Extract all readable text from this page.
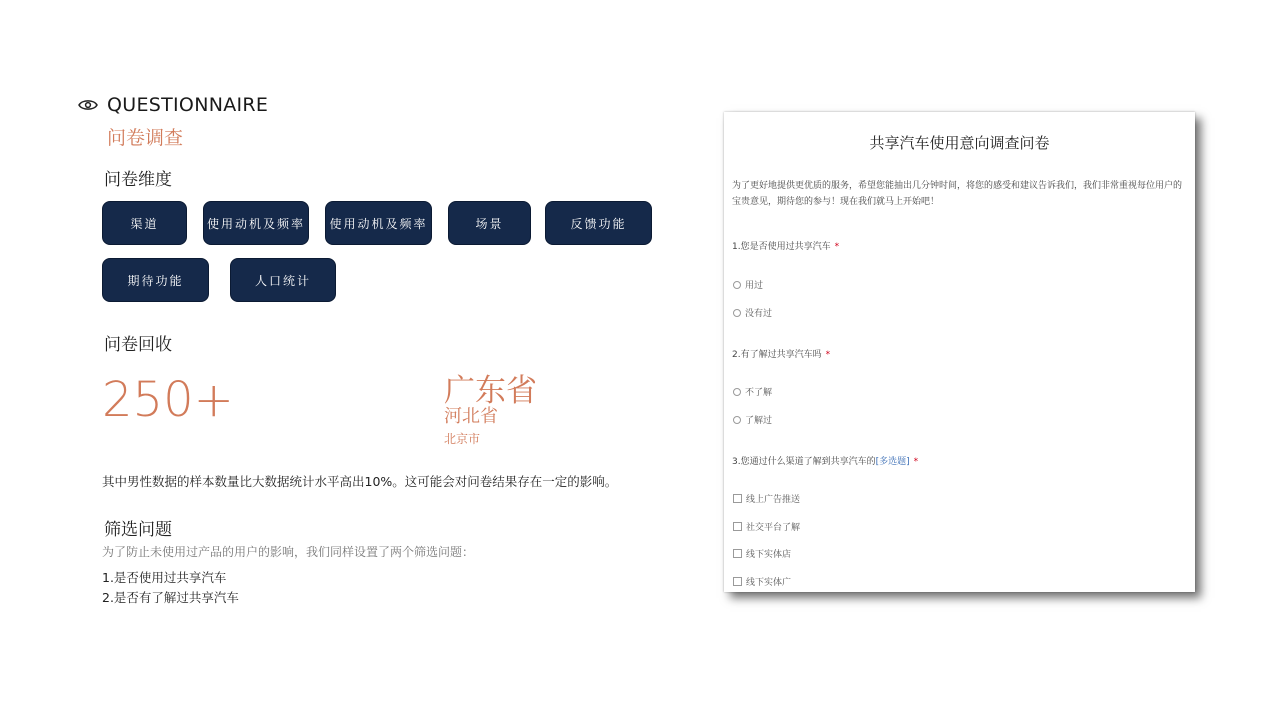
QUESTIONNAIRE
问卷调查
问卷维度
渠道	使用动机及频率	使用动机及频率	场景	反馈功能
期待功能	人口统计
问卷回收
250+	广东省
河北省
北京市
其中男性数据的样本数量比大数据统计水平高出10%。这可能会对问卷结果存在一定的影响。
筛选问题
为了防止未使用过产品的用户的影响，我们同样设置了两个筛选问题：
1.是否使用过共享汽车
2.是否有了解过共享汽车
共享汽车使用意向调查问卷
为了更好地提供更优质的服务，希望您能抽出几分钟时间，将您的感受和建议告诉我们，我们非常重视每位用户的宝贵意见，期待您的参与！现在我们就马上开始吧！
1.您是否使用过共享汽车 *
用过
没有过
2.有了解过共享汽车吗 *
不了解
了解过
3.您通过什么渠道了解到共享汽车的[多选题] *
线上广告推送
社交平台了解
线下实体店
线下实体广
